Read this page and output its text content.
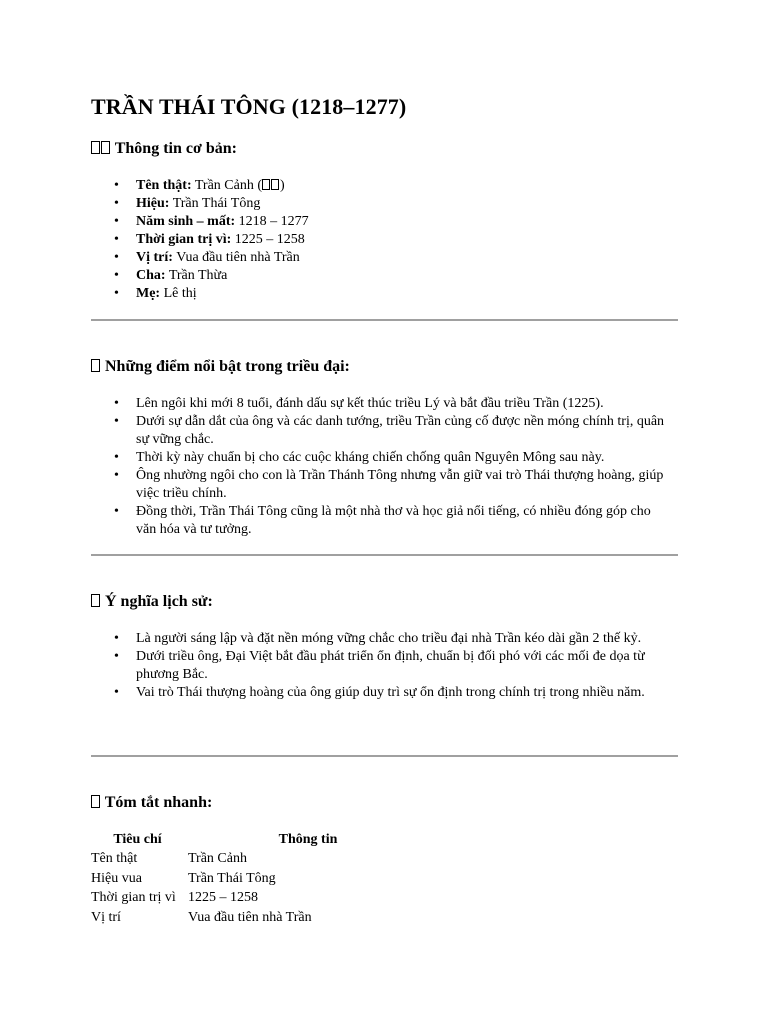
TRẦN THÁI TÔNG (1218–1277)
Thông tin cơ bản:
• Tên thật: Trần Cảnh ( )
• Hiệu: Trần Thái Tông
• Năm sinh – mất: 1218 – 1277
• Thời gian trị vì: 1225 – 1258
• Vị trí: Vua đầu tiên nhà Trần
• Cha: Trần Thừa
• Mẹ: Lê thị
Những điểm nổi bật trong triều đại:
• Lên ngôi khi mới 8 tuổi, đánh dấu sự kết thúc triều Lý và bắt đầu triều Trần (1225).
• Dưới sự dẫn dắt của ông và các danh tướng, triều Trần củng cố được nền móng chính trị, quân sự vững chắc.
• Thời kỳ này chuẩn bị cho các cuộc kháng chiến chống quân Nguyên Mông sau này.
• Ông nhường ngôi cho con là Trần Thánh Tông nhưng vẫn giữ vai trò Thái thượng hoàng, giúp việc triều chính.
• Đồng thời, Trần Thái Tông cũng là một nhà thơ và học giả nổi tiếng, có nhiều đóng góp cho văn hóa và tư tưởng.
Ý nghĩa lịch sử:
• Là người sáng lập và đặt nền móng vững chắc cho triều đại nhà Trần kéo dài gần 2 thế kỷ.
• Dưới triều ông, Đại Việt bắt đầu phát triển ổn định, chuẩn bị đối phó với các mối đe dọa từ phương Bắc.
• Vai trò Thái thượng hoàng của ông giúp duy trì sự ổn định trong chính trị trong nhiều năm.
Tóm tắt nhanh:
Tiêu chí	Thông tin
Tên thật	Trần Cảnh
Hiệu vua	Trần Thái Tông
Thời gian trị vì	1225 – 1258
Vị trí	Vua đầu tiên nhà Trần
